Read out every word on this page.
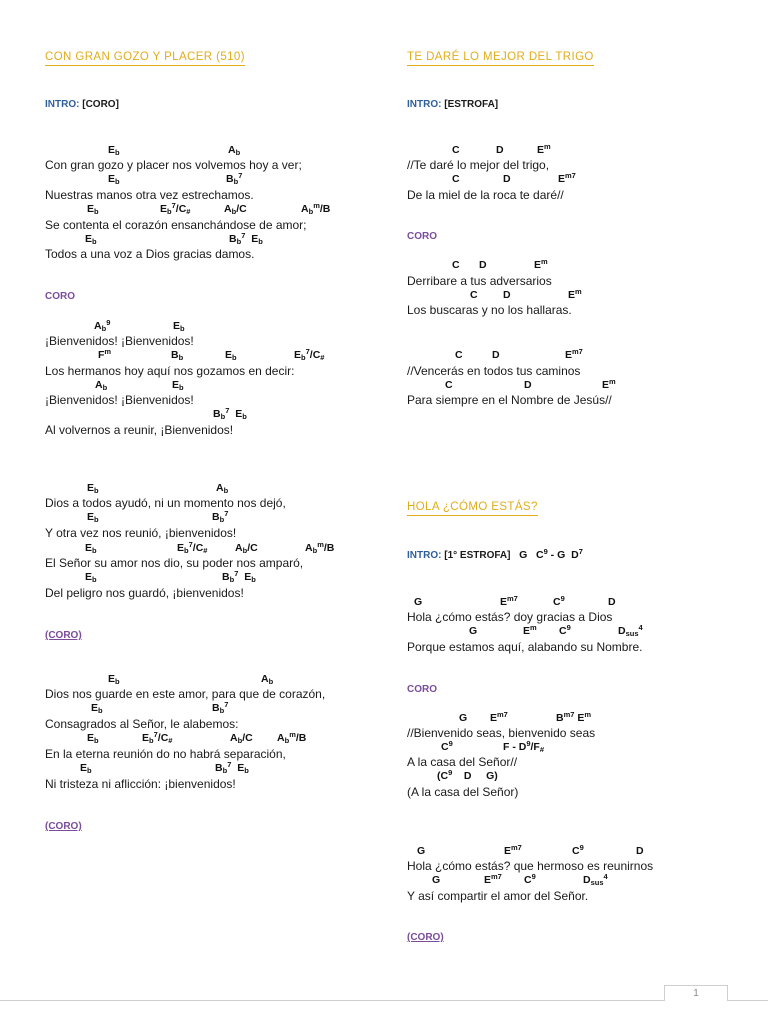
CON GRAN GOZO Y PLACER (510)
INTRO: [CORO]
$E_b$	$A_b$
Con gran gozo y placer nos volvemos hoy a ver;
$E_b$	$B_b^7$
Nuestras manos otra vez estrechamos.
$E_b$	$E_b^7/C_{\#}$	$A_b/C$	$A_b^m/B$
Se contenta el corazón ensanchándose de amor;
$E_b$	$B_b^7$  $E_b$
Todos a una voz a Dios gracias damos.
CORO
$A_b^9$	$E_b$
¡Bienvenidos! ¡Bienvenidos!
$F^m$	$B_b$	$E_b$	$E_b^7/C_{\#}$
Los hermanos hoy aquí nos gozamos en decir:
$A_b$	$E_b$
¡Bienvenidos! ¡Bienvenidos!
$B_b^7$  $E_b$
Al volvernos a reunir, ¡Bienvenidos!
$E_b$	$A_b$
Dios a todos ayudó, ni un momento nos dejó,
$E_b$	$B_b^7$
Y otra vez nos reunió, ¡bienvenidos!
$E_b$	$E_b^7/C_{\#}$	$A_b/C$	$A_b^m/B$
El Señor su amor nos dio, su poder nos amparó,
$E_b$	$B_b^7$  $E_b$
Del peligro nos guardó, ¡bienvenidos!
(CORO)
$E_b$	$A_b$
Dios nos guarde en este amor, para que de corazón,
$E_b$	$B_b^7$
Consagrados al Señor, le alabemos:
$E_b$	$E_b^7/C_{\#}$	$A_b/C$ $A_b^m/B$
En la eterna reunión do no habrá separación,
$E_b$	$B_b^7$  $E_b$
Ni tristeza ni aflicción: ¡bienvenidos!
(CORO)
TE DARÉ LO MEJOR DEL TRIGO
INTRO: [ESTROFA]
C	D	$E^m$
//Te daré lo mejor del trigo,
C	D	$E^{m7}$
De la miel de la roca te daré//
CORO
C D	$E^m$
Derribare a tus adversarios
C D	$E^m$
Los buscaras y no los hallaras.
C	D	$E^{m7}$
//Vencerás en todos tus caminos
C	D	$E^m$
Para siempre en el Nombre de Jesús//
HOLA ¿CÓMO ESTÁS?
INTRO: [1° ESTROFA]   G   $C^9$ - G  $D^7$
G	$E^{m7}$	$C^9$	D
Hola ¿cómo estás? doy gracias a Dios
G	$E^m$ $C^9$	$D_{sus}^4$
Porque estamos aquí, alabando su Nombre.
CORO
G $E^{m7}$	$B^{m7}$ $E^m$
//Bienvenido seas, bienvenido seas
$C^9$	F - $D^9/F_{\#}$
A la casa del Señor//
($C^9$    D     G)
(A la casa del Señor)
G	$E^{m7}$	$C^9$	D
Hola ¿cómo estás? que hermoso es reunirnos
G	$E^{m7}$ $C^9$	$D_{sus}^4$
Y así compartir el amor del Señor.
(CORO)
1
